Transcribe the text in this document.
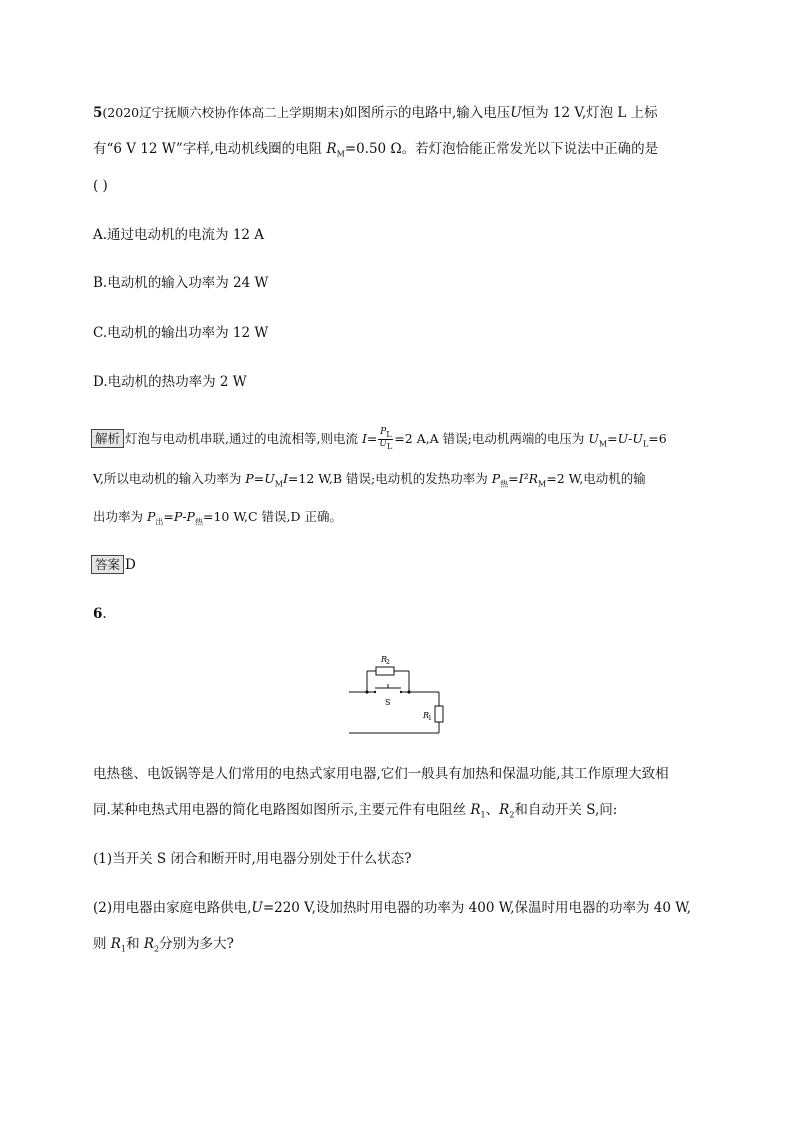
5(2020辽宁抚顺六校协作体高二上学期期末)如图所示的电路中,输入电压U恒为 12 V,灯泡 L 上标
有“6 V 12 W”字样,电动机线圈的电阻 $R_M=0.50$ Ω。若灯泡恰能正常发光以下说法中正确的是
( )
A.通过电动机的电流为 12 A
B.电动机的输入功率为 24 W
C.电动机的输出功率为 12 W
D.电动机的热功率为 2 W
解析 灯泡与电动机串联,通过的电流相等,则电流 $I= \frac{P_L}{U_L} =2$ A,A 错误;电动机两端的电压为 $U_M=U-U_L=6$
V,所以电动机的输入功率为 $P=U_MI=12$ W,B 错误;电动机的发热功率为 $P_热=I^2R_M=2$ W,电动机的输
出功率为 $P_出=P-P_热=10$ W,C 错误,D 正确。
答案 D
6.
R
2
S
R
1
电热毯、电饭锅等是人们常用的电热式家用电器,它们一般具有加热和保温功能,其工作原理大致相
同.某种电热式用电器的简化电路图如图所示,主要元件有电阻丝 $R_1$、$R_2$和自动开关 S,问:
(1)当开关 S 闭合和断开时,用电器分别处于什么状态?
(2)用电器由家庭电路供电,U=220 V,设加热时用电器的功率为 400 W,保温时用电器的功率为 40 W,
则 $R_1$和 $R_2$分别为多大?
